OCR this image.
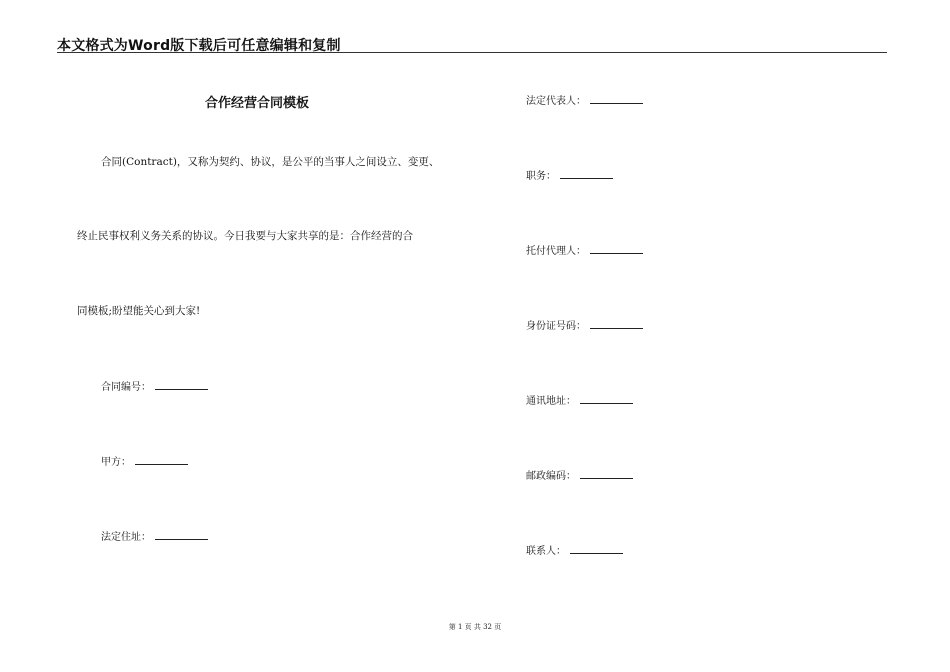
本文格式为Word版下载后可任意编辑和复制
合作经营合同模板
合同(Contract)，又称为契约、协议，是公平的当事人之间设立、变更、
终止民事权利义务关系的协议。今日我要与大家共享的是：合作经营的合
同模板;盼望能关心到大家!
合同编号：
甲方：
法定住址：
法定代表人：
职务：
托付代理人：
身份证号码：
通讯地址：
邮政编码：
联系人：
第 1 页 共 32 页
